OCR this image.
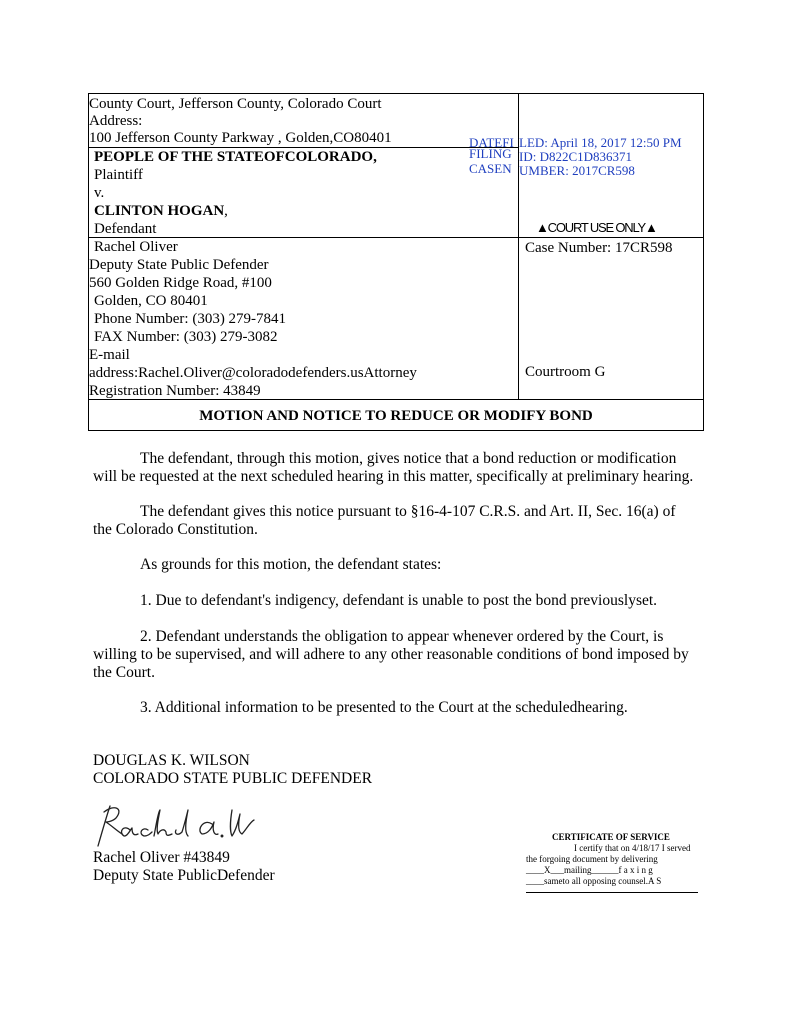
County Court, Jefferson County, Colorado Court
Address:
100 Jefferson County Parkway , Golden,CO80401
PEOPLE OF THE STATEOFCOLORADO,
Plaintiff
v.
CLINTON HOGAN,
Defendant	▲COURT USE ONLY▲
Rachel Oliver
Deputy State Public Defender
560 Golden Ridge Road, #100
Golden, CO 80401
Phone Number: (303) 279-7841
FAX Number: (303) 279-3082
E-mail
address:Rachel.Oliver@coloradodefenders.usAttorney
Registration Number: 43849
Case Number: 17CR598
Courtroom G
MOTION AND NOTICE TO REDUCE OR MODIFY BOND
DATEFI
FILING
CASEN
LED: April 18, 2017 12:50 PM
ID: D822C1D836371
UMBER: 2017CR598
The defendant, through this motion, gives notice that a bond reduction or modification
will be requested at the next scheduled hearing in this matter, specifically at preliminary hearing.
The defendant gives this notice pursuant to §16-4-107 C.R.S. and Art. II, Sec. 16(a) of
the Colorado Constitution.
As grounds for this motion, the defendant states:
1. Due to defendant's indigency, defendant is unable to post the bond previouslyset.
2. Defendant understands the obligation to appear whenever ordered by the Court, is
willing to be supervised, and will adhere to any other reasonable conditions of bond imposed by
the Court.
3. Additional information to be presented to the Court at the scheduledhearing.
DOUGLAS K. WILSON
COLORADO STATE PUBLIC DEFENDER
Rachel Oliver #43849
Deputy State PublicDefender
CERTIFICATE OF SERVICE
I certify that on 4/18/17 I served
the forgoing document by delivering
____X___mailing______f a x i n g
____sameto all opposing counsel.A S
